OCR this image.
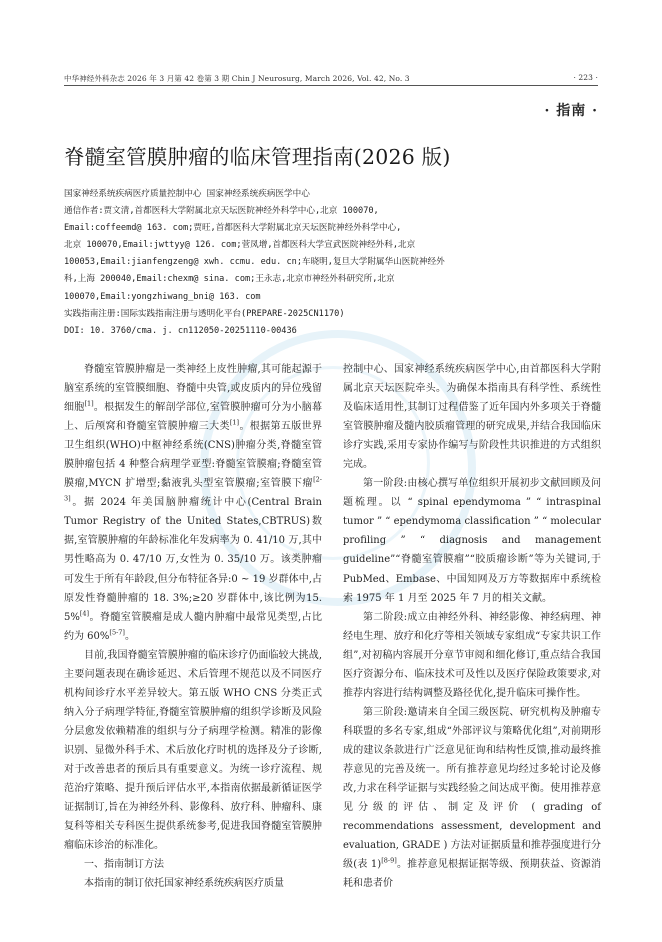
中华神经外科杂志 2026 年 3 月第 42 卷第 3 期 Chin J Neurosurg, March 2026, Vol. 42, No. 3	· 223 ·
· 指南 ·
脊髓室管膜肿瘤的临床管理指南(2026 版)
国家神经系统疾病医疗质量控制中心 国家神经系统疾病医学中心
通信作者:贾文清,首都医科大学附属北京天坛医院神经外科学中心,北京 100070,
Email:coffeemd@ 163. com;贾旺,首都医科大学附属北京天坛医院神经外科学中心,
北京 100070,Email:jwttyy@ 126. com;菅凤增,首都医科大学宣武医院神经外科,北京
100053,Email:jianfengzeng@ xwh. ccmu. edu. cn;车晓明,复旦大学附属华山医院神经外
科,上海 200040,Email:chexm@ sina. com;王永志,北京市神经外科研究所,北京
100070,Email:yongzhiwang_bni@ 163. com
实践指南注册:国际实践指南注册与透明化平台(PREPARE-2025CN1170)
DOI: 10. 3760/cma. j. cn112050-20251110-00436

脊髓室管膜肿瘤是一类神经上皮性肿瘤,其可能起源于脑室系统的室管膜细胞、脊髓中央管,或皮质内的异位残留细胞[1]。根据发生的解剖学部位,室管膜肿瘤可分为小脑幕上、后颅窝和脊髓室管膜肿瘤三大类[1]。根据第五版世界卫生组织(WHO)中枢神经系统(CNS)肿瘤分类,脊髓室管膜肿瘤包括 4 种整合病理学亚型:脊髓室管膜瘤;脊髓室管膜瘤,MYCN 扩增型;黏液乳头型室管膜瘤;室管膜下瘤[2-3]。据 2024 年美国脑肿瘤统计中心(Central Brain Tumor Registry of the United States,CBTRUS)数据,室管膜肿瘤的年龄标准化年发病率为 0. 41/10 万,其中男性略高为 0. 47/10 万,女性为 0. 35/10 万。该类肿瘤可发生于所有年龄段,但分布特征各异:0 ~ 19 岁群体中,占原发性脊髓肿瘤的 18. 3%;≥20 岁群体中,该比例为15. 5%[4]。脊髓室管膜瘤是成人髓内肿瘤中最常见类型,占比约为 60%[5-7]。

目前,我国脊髓室管膜肿瘤的临床诊疗仍面临较大挑战,主要问题表现在确诊延迟、术后管理不规范以及不同医疗机构间诊疗水平差异较大。第五版 WHO CNS 分类正式纳入分子病理学特征,脊髓室管膜肿瘤的组织学诊断及风险分层愈发依赖精准的组织与分子病理学检测。精准的影像识别、显微外科手术、术后放化疗时机的选择及分子诊断,对于改善患者的预后具有重要意义。为统一诊疗流程、规范治疗策略、提升预后评估水平,本指南依据最新循证医学证据制订,旨在为神经外科、影像科、放疗科、肿瘤科、康复科等相关专科医生提供系统参考,促进我国脊髓室管膜肿瘤临床诊治的标准化。

一、指南制订方法

本指南的制订依托国家神经系统疾病医疗质量

控制中心、国家神经系统疾病医学中心,由首都医科大学附属北京天坛医院牵头。为确保本指南具有科学性、系统性及临床适用性,其制订过程借鉴了近年国内外多项关于脊髓室管膜肿瘤及髓内胶质瘤管理的研究成果,并结合我国临床诊疗实践,采用专家协作编写与阶段性共识推进的方式组织完成。

第一阶段:由核心撰写单位组织开展初步文献回顾及问题梳理。以 “ spinal ependymoma ” “ intraspinal tumor ” “ ependymoma classification ” “ molecular profiling ” “ diagnosis and management guideline”“脊髓室管膜瘤”“胶质瘤诊断”等为关键词,于 PubMed、Embase、中国知网及万方等数据库中系统检索 1975 年 1 月至 2025 年 7 月的相关文献。

第二阶段:成立由神经外科、神经影像、神经病理、神经电生理、放疗和化疗等相关领域专家组成“专家共识工作组”,对初稿内容展开分章节审阅和细化修订,重点结合我国医疗资源分布、临床技术可及性以及医疗保险政策要求,对推荐内容进行结构调整及路径优化,提升临床可操作性。

第三阶段:邀请来自全国三级医院、研究机构及肿瘤专科联盟的多名专家,组成“外部评议与策略优化组”,对前期形成的建议条款进行广泛意见征询和结构性反馈,推动最终推荐意见的完善及统一。所有推荐意见均经过多轮讨论及修改,力求在科学证据与实践经验之间达成平衡。使用推荐意见分级的评估、制定及评价 ( grading of recommendations assessment, development and evaluation, GRADE ) 方法对证据质量和推荐强度进行分级(表 1)[8-9]。推荐意见根据证据等级、预期获益、资源消耗和患者价
